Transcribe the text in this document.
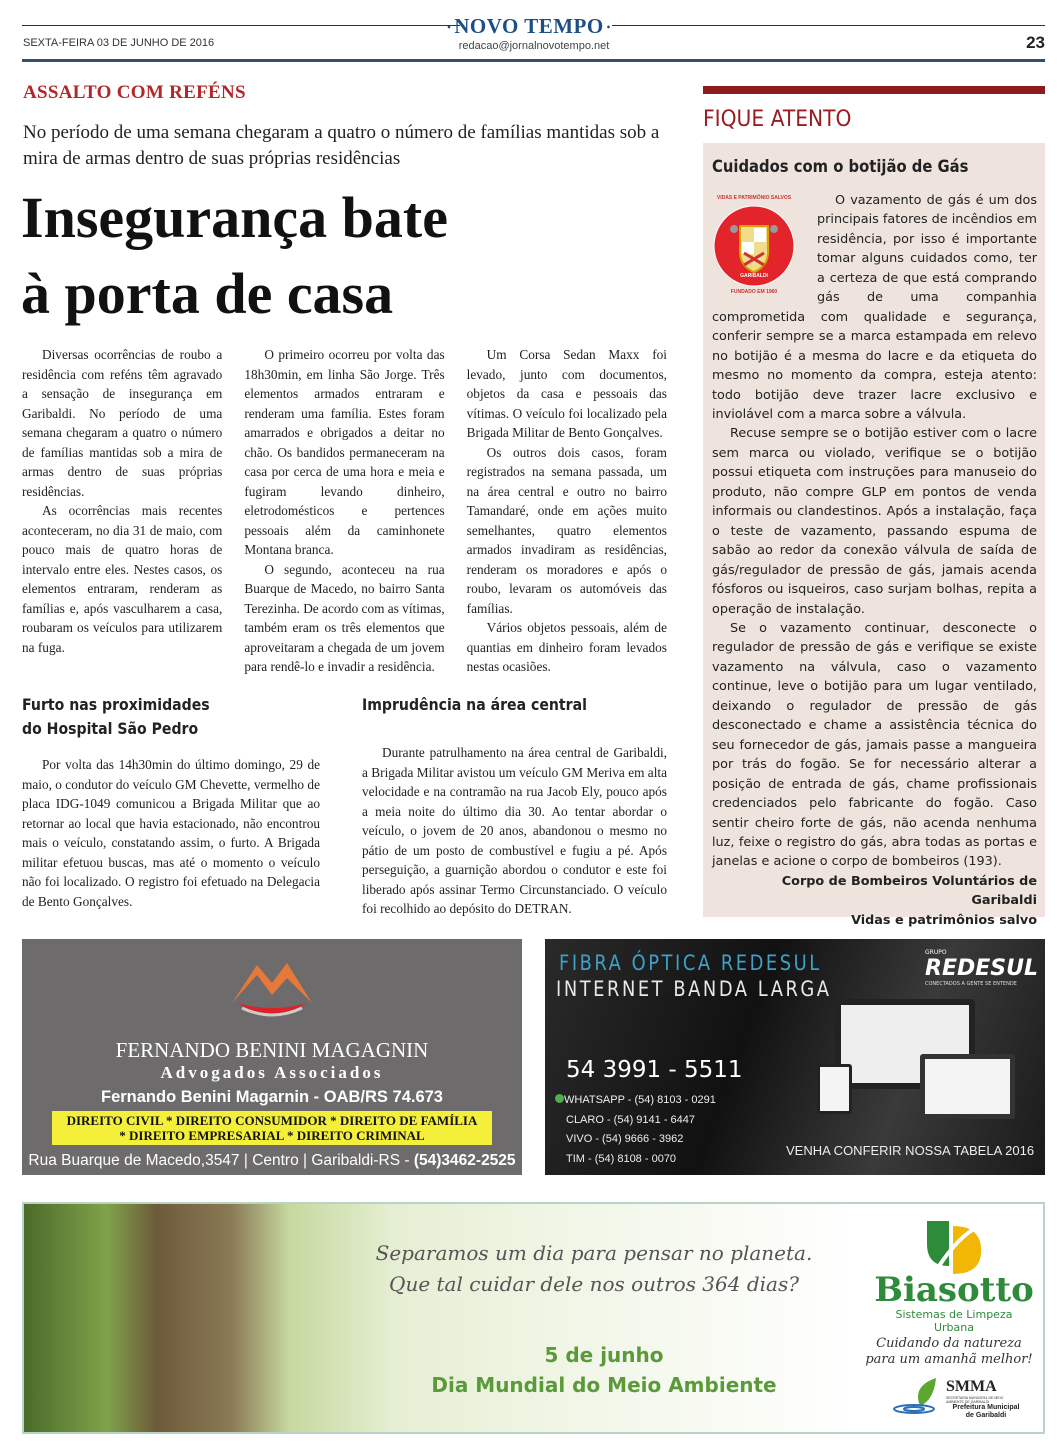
• NOVO TEMPO •
SEXTA-FEIRA 03 DE JUNHO DE 2016	redacao@jornalnovotempo.net	23
ASSALTO COM REFÉNS
No período de uma semana chegaram a quatro o número de famílias mantidas sob a mira de armas dentro de suas próprias residências
Insegurança bate
à porta de casa

Diversas ocorrências de roubo a residência com reféns têm agravado a sensação de insegurança em Garibaldi. No período de uma semana chegaram a quatro o número de famílias mantidas sob a mira de armas dentro de suas próprias residências.

As ocorrências mais recentes aconteceram, no dia 31 de maio, com pouco mais de quatro horas de intervalo entre eles. Nestes casos, os elementos entraram, renderam as famílias e, após vasculharem a casa, roubaram os veículos para utilizarem na fuga.

O primeiro ocorreu por volta das 18h30min, em linha São Jorge. Três elementos armados entraram e renderam uma família. Estes foram amarrados e obrigados a deitar no chão. Os bandidos permaneceram na casa por cerca de uma hora e meia e fugiram levando dinheiro, eletrodomésticos e pertences pessoais além da caminhonete Montana branca.

O segundo, aconteceu na rua Buarque de Macedo, no bairro Santa Terezinha. De acordo com as vítimas, também eram os três elementos que aproveitaram a chegada de um jovem para rendê-lo e invadir a residência.

Um Corsa Sedan Maxx foi levado, junto com documentos, objetos da casa e pessoais das vítimas. O veículo foi localizado pela Brigada Militar de Bento Gonçalves.

Os outros dois casos, foram registrados na semana passada, um na área central e outro no bairro Tamandaré, onde em ações muito semelhantes, quatro elementos armados invadiram as residências, renderam os moradores e após o roubo, levaram os automóveis das famílias.

Vários objetos pessoais, além de quantias em dinheiro foram levados nestas ocasiões.

Furto nas proximidades
do Hospital São Pedro

Por volta das 14h30min do último domingo, 29 de maio, o condutor do veículo GM Chevette, vermelho de placa IDG-1049 comunicou a Brigada Militar que ao retornar ao local que havia estacionado, não encontrou mais o veículo, constatando assim, o furto. A Brigada militar efetuou buscas, mas até o momento o veículo não foi localizado. O registro foi efetuado na Delegacia de Bento Gonçalves.

Imprudência na área central

Durante patrulhamento na área central de Garibaldi, a Brigada Militar avistou um veículo GM Meriva em alta velocidade e na contramão na rua Jacob Ely, pouco após a meia noite do último dia 30. Ao tentar abordar o veículo, o jovem de 20 anos, abandonou o mesmo no pátio de um posto de combustível e fugiu a pé. Após perseguição, a guarnição abordou o condutor e este foi liberado após assinar Termo Circunstanciado. O veículo foi recolhido ao depósito do DETRAN.

FIQUE ATENTO
Cuidados com o botijão de Gás
VIDAS E PATRIMÔNIO SALVOS
GARIBALDI
FUNDADO EM 1960

O vazamento de gás é um dos principais fatores de incêndios em residência, por isso é importante tomar alguns cuidados como, ter a certeza de que está comprando gás de uma companhia comprometida com qualidade e segurança, conferir sempre se a marca estampada em relevo no botijão é a mesma do lacre e da etiqueta do mesmo no momento da compra, esteja atento: todo botijão deve trazer lacre exclusivo e inviolável com a marca sobre a válvula.

Recuse sempre se o botijão estiver com o lacre sem marca ou violado, verifique se o botijão possui etiqueta com instruções para manuseio do produto, não compre GLP em pontos de venda informais ou clandestinos. Após a instalação, faça o teste de vazamento, passando espuma de sabão ao redor da conexão válvula de saída de gás/regulador de pressão de gás, jamais acenda fósforos ou isqueiros, caso surjam bolhas, repita a operação de instalação.

Se o vazamento continuar, desconecte o regulador de pressão de gás e verifique se existe vazamento na válvula, caso o vazamento continue, leve o botijão para um lugar ventilado, deixando o regulador de pressão de gás desconectado e chame a assistência técnica do seu fornecedor de gás, jamais passe a mangueira por trás do fogão. Se for necessário alterar a posição de entrada de gás, chame profissionais credenciados pelo fabricante do fogão. Caso sentir cheiro forte de gás, não acenda nenhuma luz, feixe o registro do gás, abra todas as portas e janelas e acione o corpo de bombeiros (193).

Corpo de Bombeiros Voluntários de Garibaldi
Vidas e patrimônios salvo

FERNANDO BENINI MAGAGNIN
Advogados Associados
Fernando Benini Magarnin - OAB/RS 74.673
DIREITO CIVIL * DIREITO CONSUMIDOR * DIREITO DE FAMÍLIA
* DIREITO EMPRESARIAL * DIREITO CRIMINAL
Rua Buarque de Macedo,3547 | Centro | Garibaldi-RS - (54)3462-2525
FIBRA ÓPTICA REDESUL
INTERNET BANDA LARGA
GRUPO
REDESUL
CONECTADOS A GENTE SE ENTENDE
54 3991 - 5511
WHATSAPP - (54) 8103 - 0291
CLARO - (54) 9141 - 6447
VIVO - (54) 9666 - 3962
TIM - (54) 8108 - 0070
VENHA CONFERIR NOSSA TABELA 2016
Separamos um dia para pensar no planeta.
Que tal cuidar dele nos outros 364 dias?
5 de junho
Dia Mundial do Meio Ambiente
Biasotto
Sistemas de Limpeza Urbana
Cuidando da natureza
para um amanhã melhor!
SMMA
SECRETARIA MUNICIPAL DE MEIO AMBIENTE DE GARIBALDI
Prefeitura Municipal
de Garibaldi
